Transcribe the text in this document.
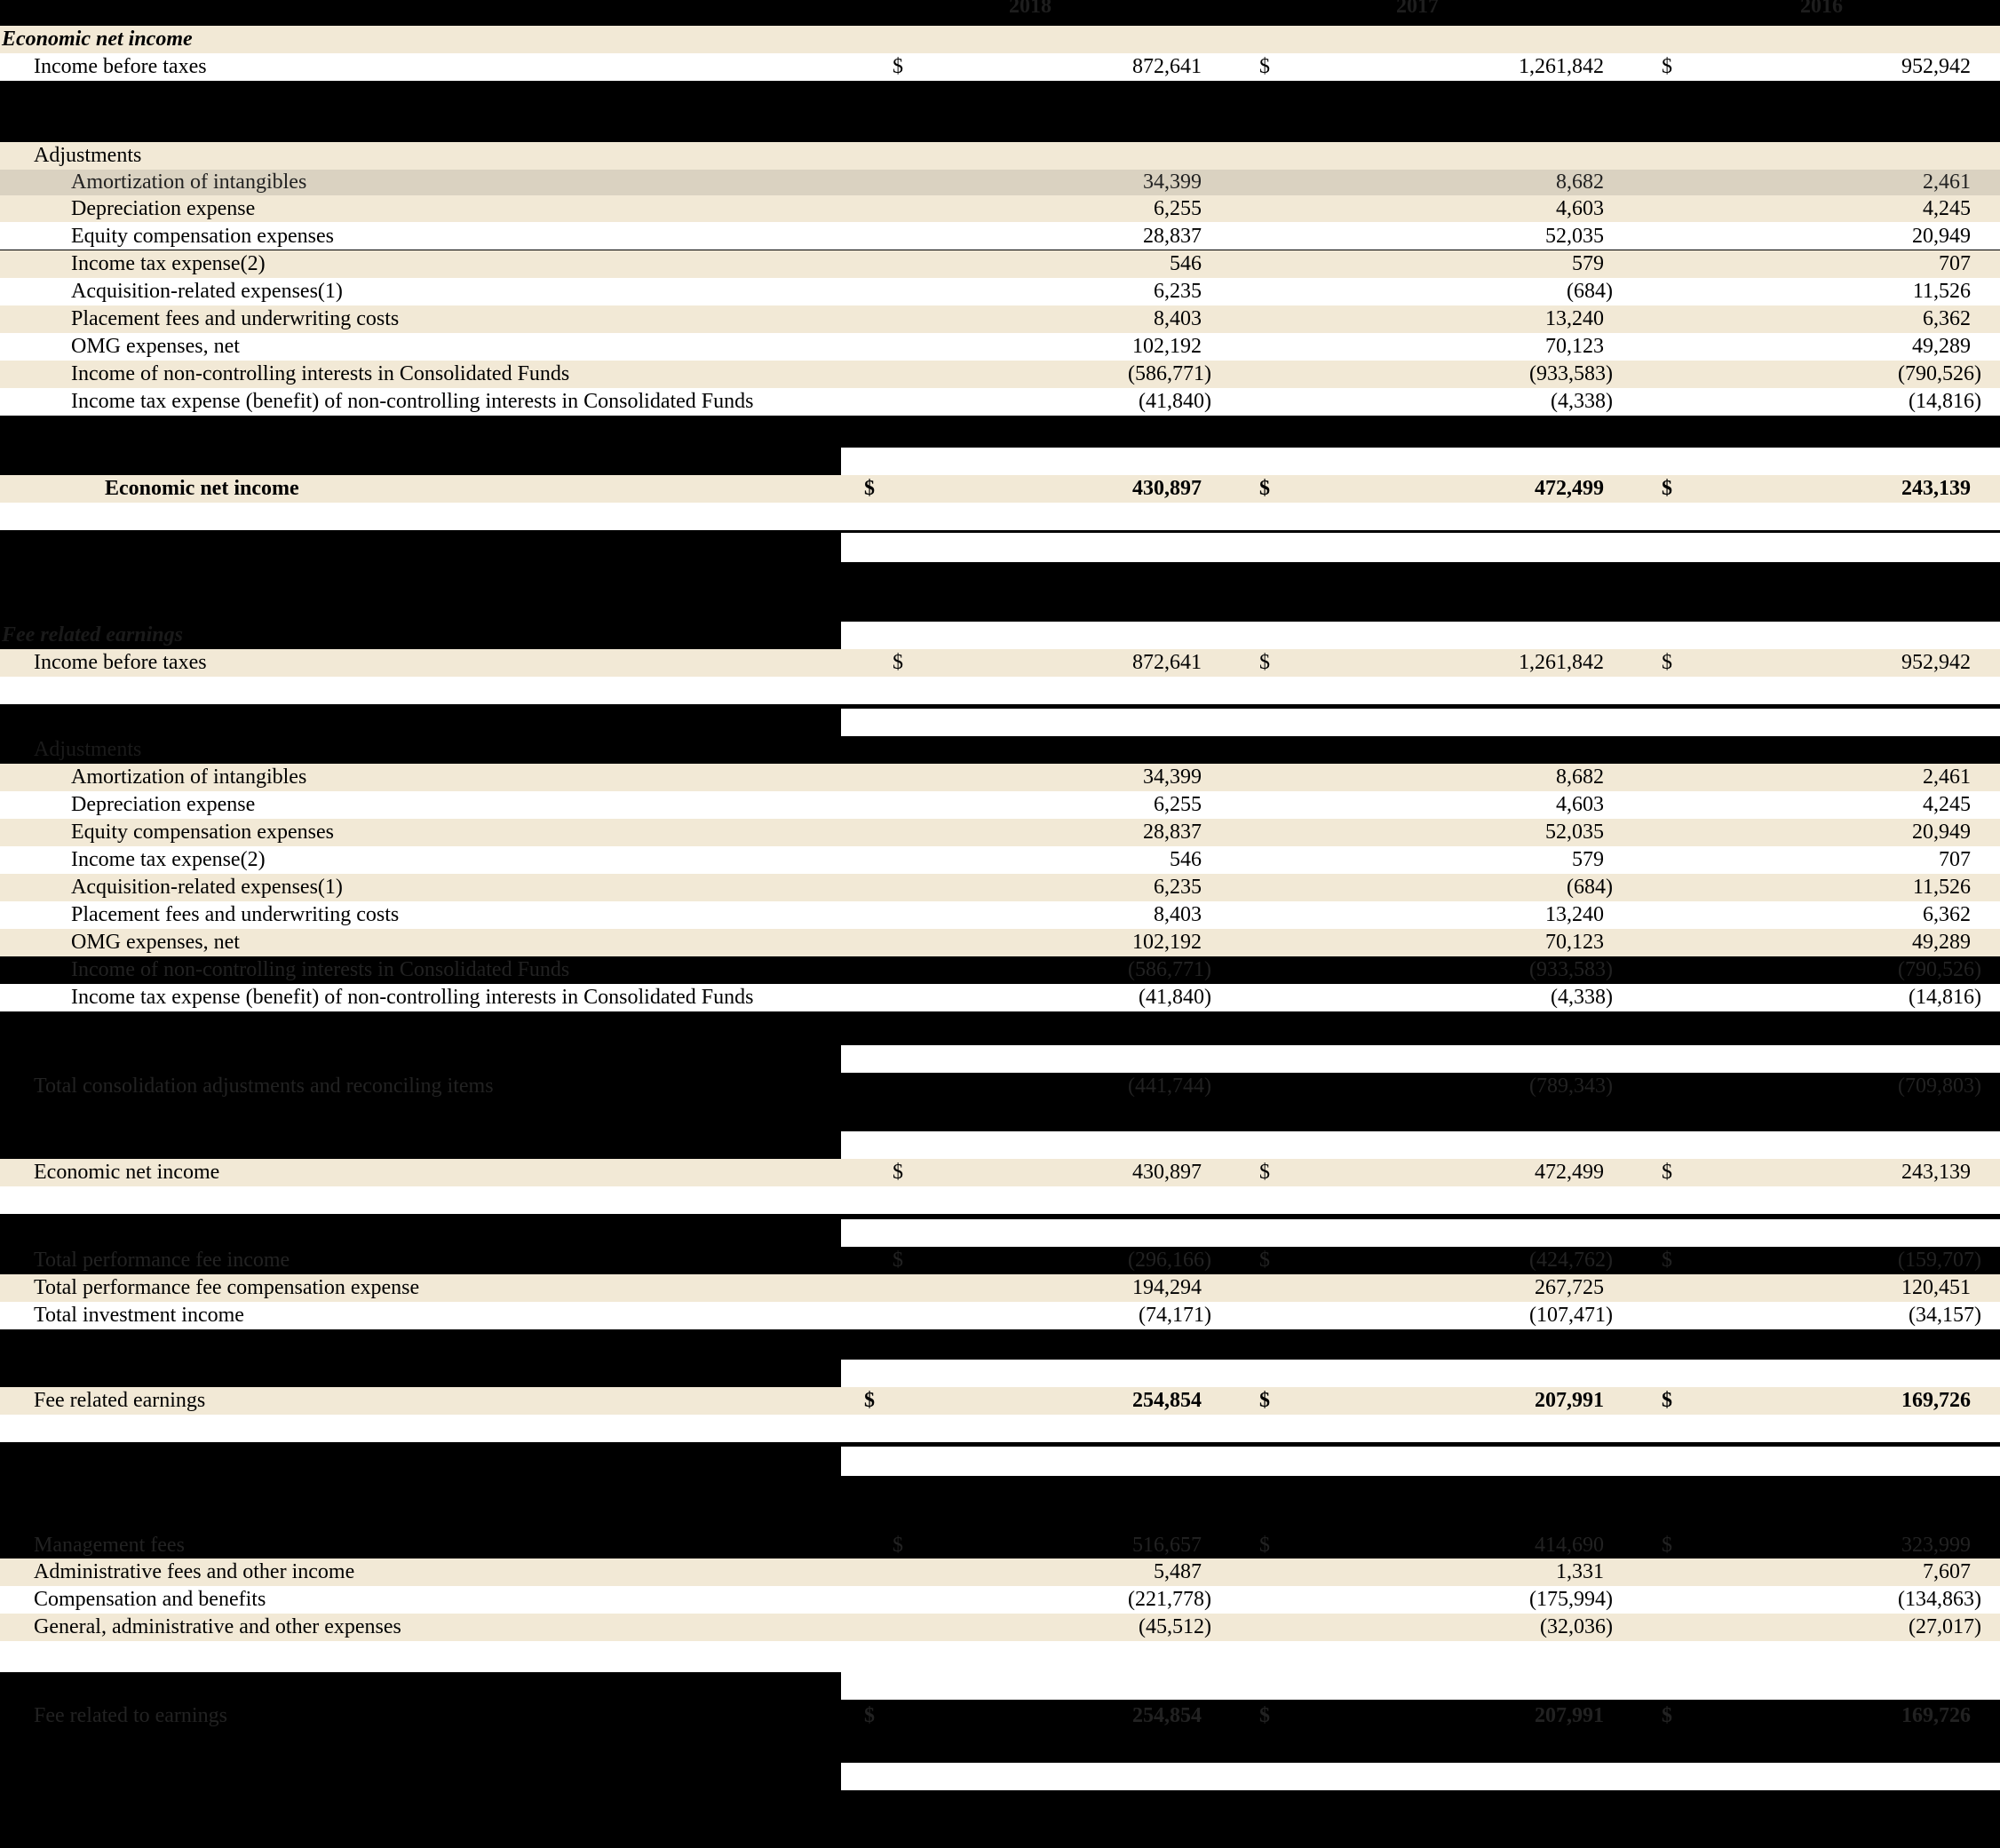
2018	2017	2016
Economic net income
Income before taxes	$	872,641	$	1,261,842	$	952,942
Adjustments
Amortization of intangibles	34,399	8,682	2,461
Depreciation expense	6,255	4,603	4,245
Equity compensation expenses	28,837	52,035	20,949
Income tax expense(2)	546	579	707
Acquisition-related expenses(1)	6,235	(684)	11,526
Placement fees and underwriting costs	8,403	13,240	6,362
OMG expenses, net	102,192	70,123	49,289
Income of non-controlling interests in Consolidated Funds	(586,771)	(933,583)	(790,526)
Income tax expense (benefit) of non-controlling interests in Consolidated Funds	(41,840)	(4,338)	(14,816)
Economic net income	$	430,897	$	472,499	$	243,139
Fee related earnings
Income before taxes	$	872,641	$	1,261,842	$	952,942
Adjustments
Amortization of intangibles	34,399	8,682	2,461
Depreciation expense	6,255	4,603	4,245
Equity compensation expenses	28,837	52,035	20,949
Income tax expense(2)	546	579	707
Acquisition-related expenses(1)	6,235	(684)	11,526
Placement fees and underwriting costs	8,403	13,240	6,362
OMG expenses, net	102,192	70,123	49,289
Income of non-controlling interests in Consolidated Funds	(586,771)	(933,583)	(790,526)
Income tax expense (benefit) of non-controlling interests in Consolidated Funds	(41,840)	(4,338)	(14,816)
Total consolidation adjustments and reconciling items	(441,744)	(789,343)	(709,803)
Economic net income	$	430,897	$	472,499	$	243,139
Total performance fee income	$	(296,166) $	(424,762) $	(159,707)
Total performance fee compensation expense	194,294	267,725	120,451
Total investment income	(74,171)	(107,471)	(34,157)
Fee related earnings	$	254,854	$	207,991	$	169,726
Management fees	$	516,657	$	414,690	$	323,999
Administrative fees and other income	5,487	1,331	7,607
Compensation and benefits	(221,778)	(175,994)	(134,863)
General, administrative and other expenses	(45,512)	(32,036)	(27,017)
Fee related to earnings	$	254,854	$	207,991	$	169,726
